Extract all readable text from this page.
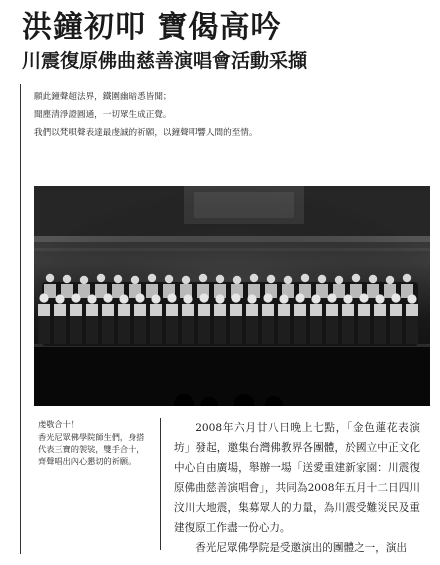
洪鐘初叩 寶偈高吟
川震復原佛曲慈善演唱會活動采擷
願此鐘聲超法界，鐵圍幽暗悉皆聞；
聞塵清淨證圓通，一切眾生成正覺。
我們以梵唄聲表達最虔誠的祈願，以鐘聲叩響人間的至情。
虔敬合十！
香光尼眾佛學院師生們，身搭代表三寶的袈裟，雙手合十，齊聲唱出內心懇切的祈願。

2008年六月廿八日晚上七點，「金色蓮花表演坊」發起，邀集台灣佛教界各團體，於國立中正文化中心自由廣場，舉辦一場「送愛重建新家園：川震復原佛曲慈善演唱會」，共同為2008年五月十二日四川汶川大地震，集募眾人的力量，為川震受難災民及重建復原工作盡一份心力。

香光尼眾佛學院是受邀演出的團體之一，演出
